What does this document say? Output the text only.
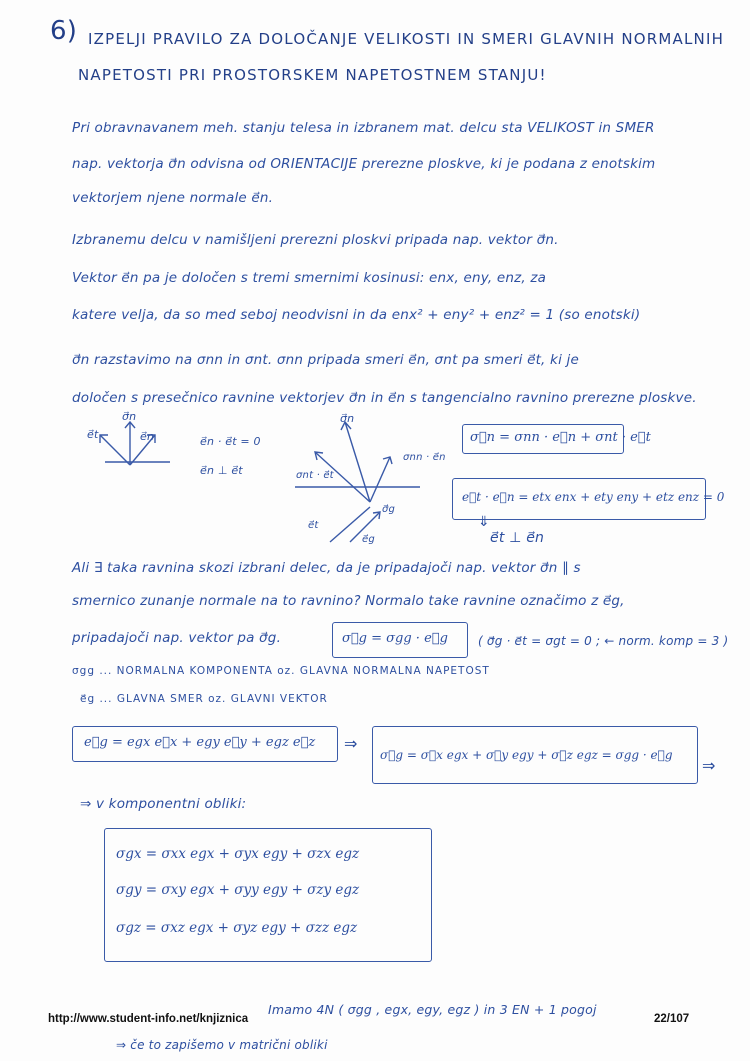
6) IZPELJI PRAVILO ZA DOLOČANJE VELIKOSTI IN SMERI GLAVNIH NORMALNIH
NAPETOSTI PRI PROSTORSKEM NAPETOSTNEM STANJU!
Pri obravnavanem meh. stanju telesa in izbranem mat. delcu sta VELIKOST in SMER
nap. vektorja σ⃗n odvisna od ORIENTACIJE prerezne ploskve, ki je podana z enotskim
vektorjem njene normale e⃗n.
Izbranemu delcu v namišljeni prerezni ploskvi pripada nap. vektor σ⃗n.
Vektor e⃗n pa je določen s tremi smernimi kosinusi: enx, eny, enz, za
katere velja, da so med seboj neodvisni in da enx² + eny² + enz² = 1 (so enotski)
σ⃗n razstavimo na σnn in σnt. σnn pripada smeri e⃗n, σnt pa smeri e⃗t, ki je
določen s presečnico ravnine vektorjev σ⃗n in e⃗n s tangencialno ravnino prerezne ploskve.
e⃗t
σ⃗n
e⃗n	e⃗n · e⃗t = 0
e⃗n ⊥ e⃗t
σ⃗n
σnn · e⃗n
σnt · e⃗t
e⃗t
σ⃗g
e⃗g
σ⃗n = σnn · e⃗n + σnt · e⃗t
e⃗t · e⃗n = etx enx + ety eny + etz enz = 0
⇓
e⃗t ⊥ e⃗n
Ali ∃ taka ravnina skozi izbrani delec, da je pripadajoči nap. vektor σ⃗n ∥ s
smernico zunanje normale na to ravnino? Normalo take ravnine označimo z e⃗g,
pripadajoči nap. vektor pa σ⃗g.	σ⃗g = σgg · e⃗g	( σ⃗g · e⃗t = σgt = 0 ; ← norm. komp = 3 )
σgg ... NORMALNA KOMPONENTA oz. GLAVNA NORMALNA NAPETOST
e⃗g ... GLAVNA SMER oz. GLAVNI VEKTOR
e⃗g = egx e⃗x + egy e⃗y + egz e⃗z ⇒
σ⃗g = σ⃗x egx + σ⃗y egy + σ⃗z egz = σgg · e⃗g
⇒
⇒ v komponentni obliki:
σgx = σxx egx + σyx egy + σzx egz
σgy = σxy egx + σyy egy + σzy egz
σgz = σxz egx + σyz egy + σzz egz
Imamo 4N ( σgg , egx, egy, egz ) in 3 EN + 1 pogoj
⇒ če to zapišemo v matrični obliki
http://www.student-info.net/knjiznica	22/107
